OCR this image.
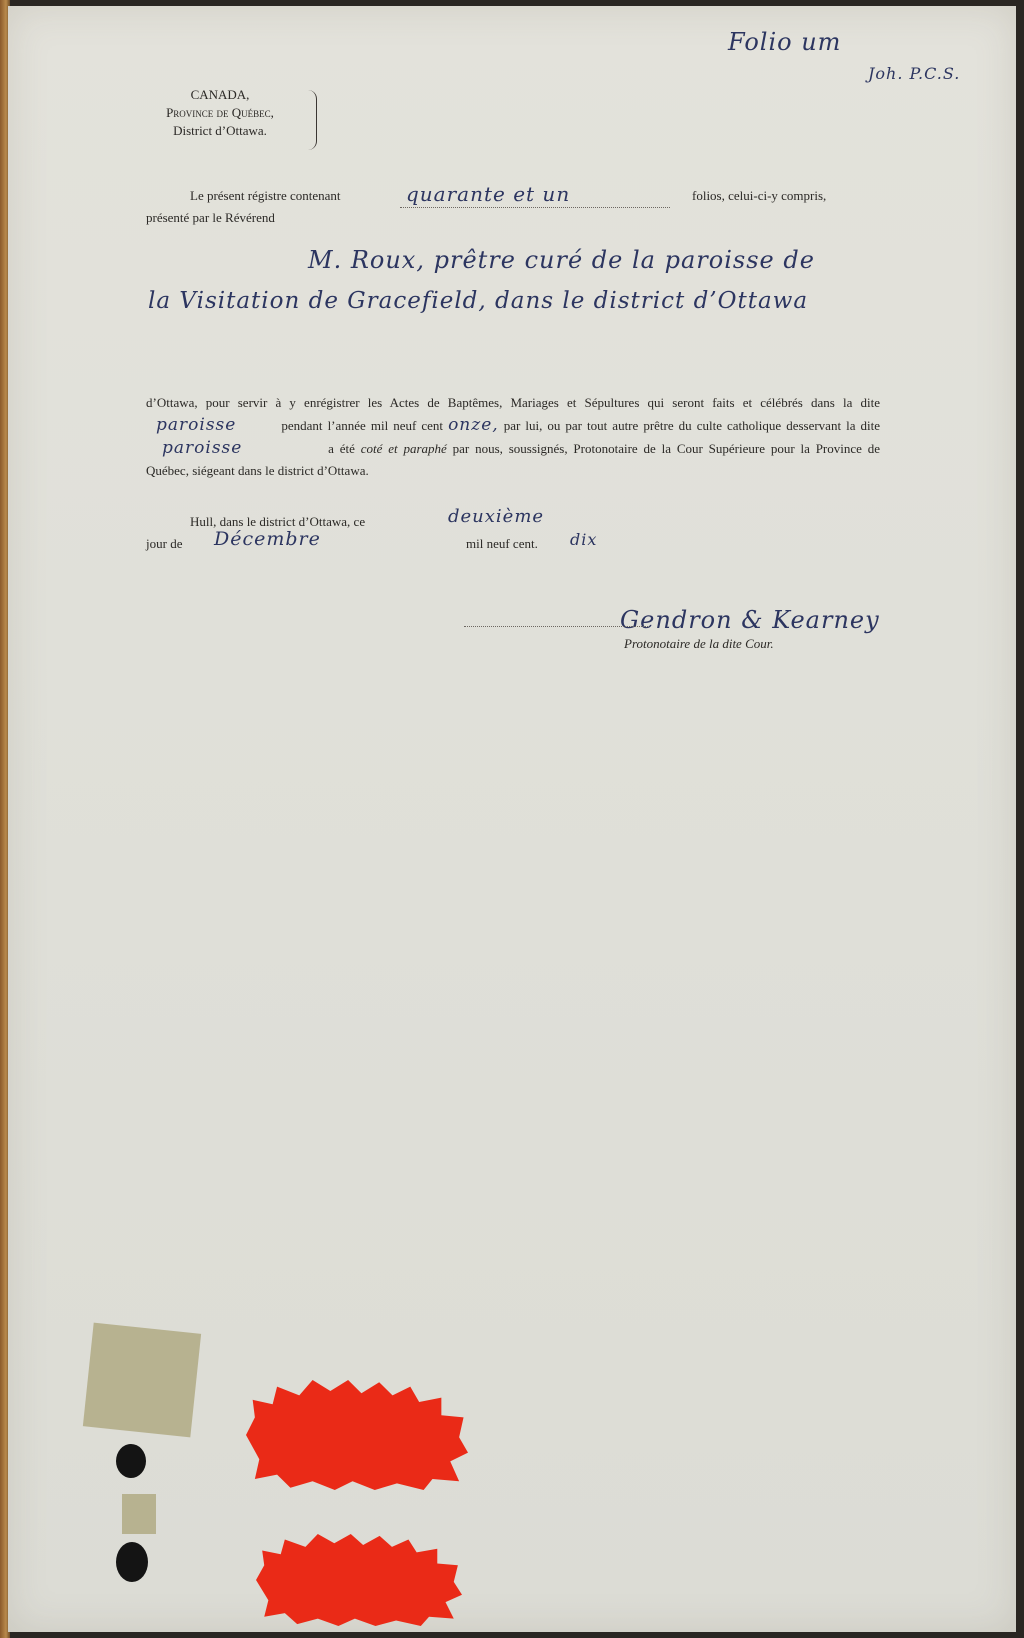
Folio um
Joh. P.C.S.
CANADA,
Province de Québec,
District d’Ottawa.
Le présent régistre contenant	quarante et un	folios, celui-ci-y compris,
présenté par le Révérend
M. Roux, prêtre curé de la paroisse de
la Visitation de Gracefield, dans le district d’Ottawa
d’Ottawa, pour servir à y enrégistrer les Actes de Baptêmes, Mariages et Sépultures qui seront faits et célébrés dans la dite paroisse	pendant l’année mil neuf cent onze, par lui, ou par tout autre prêtre du culte catholique desservant la dite paroisse	a été coté et paraphé par nous, soussignés, Protonotaire de la Cour Supérieure pour la Province de Québec, siégeant dans le district d’Ottawa.
Hull, dans le district d’Ottawa, ce	deuxième
jour de Décembre	mil neuf cent. dix
Gendron & Kearney
Protonotaire de la dite Cour.
